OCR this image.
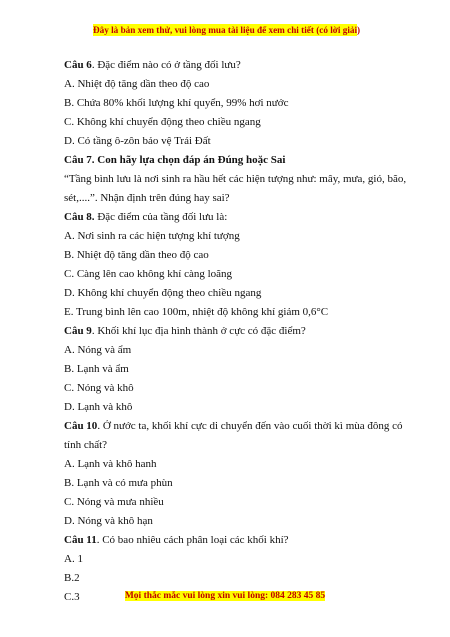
Đây là bản xem thử, vui lòng mua tài liệu để xem chi tiết (có lời giải)
Câu 6. Đặc điểm nào có ở tầng đối lưu?
A. Nhiệt độ tăng dần theo độ cao
B. Chứa 80% khối lượng khí quyển, 99% hơi nước
C. Không khí chuyển động theo chiều ngang
D. Có tầng ô-zôn bảo vệ Trái Đất
Câu 7. Con hãy lựa chọn đáp án Đúng hoặc Sai
“Tầng bình lưu là nơi sinh ra hầu hết các hiện tượng như: mây, mưa, gió, bão,
sét,....”. Nhận định trên đúng hay sai?
Câu 8. Đặc điểm của tầng đối lưu là:
A. Nơi sinh ra các hiện tượng khí tượng
B. Nhiệt độ tăng dần theo độ cao
C. Càng lên cao không khí càng loãng
D. Không khí chuyển động theo chiều ngang
E. Trung bình lên cao 100m, nhiệt độ không khí giảm 0,6°C
Câu 9. Khối khí lục địa hình thành ở cực có đặc điểm?
A. Nóng và ẩm
B. Lạnh và ẩm
C. Nóng và khô
D. Lạnh và khô
Câu 10. Ở nước ta, khối khí cực di chuyển đến vào cuối thời kì mùa đông có
tính chất?
A. Lạnh và khô hanh
B. Lạnh và có mưa phùn
C. Nóng và mưa nhiều
D. Nóng và khô hạn
Câu 11. Có bao nhiêu cách phân loại các khối khí?
A. 1
B.2
C.3	Mọi thắc mắc vui lòng xin vui lòng: 084 283 45 85
